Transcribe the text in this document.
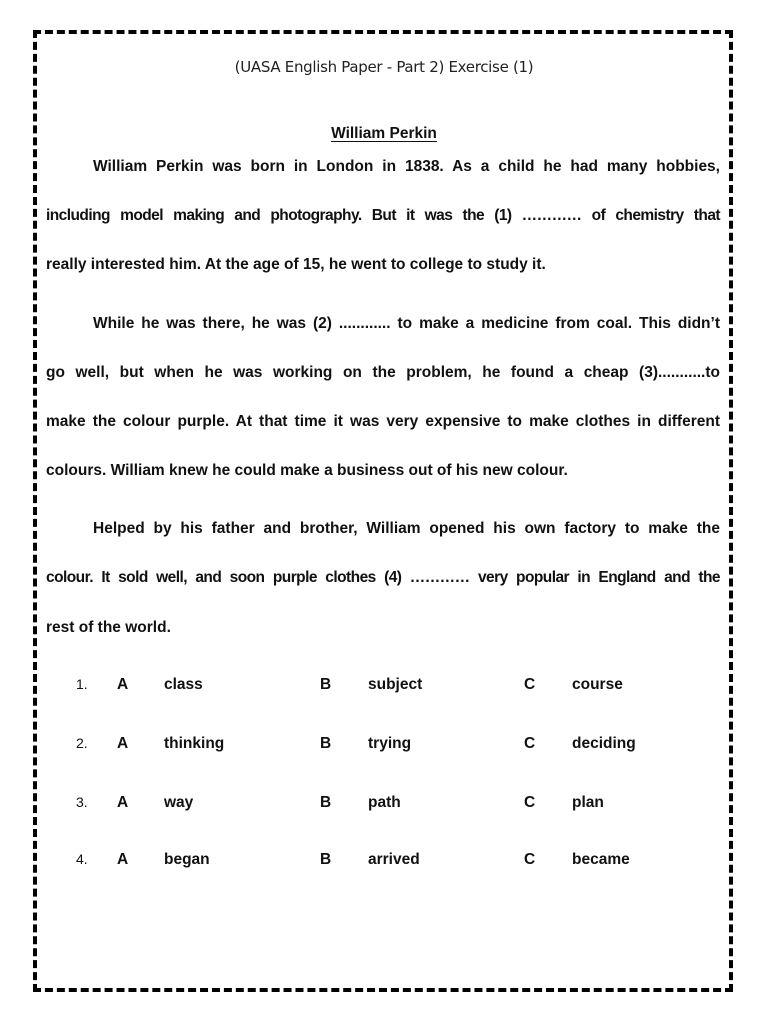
(UASA English Paper - Part 2) Exercise (1)
William Perkin
William Perkin was born in London in 1838. As a child he had many hobbies,
including model making and photography. But it was the (1) ………… of chemistry that
really interested him. At the age of 15, he went to college to study it.
While he was there, he was (2) ............ to make a medicine from coal. This didn’t
go well, but when he was working on the problem, he found a cheap (3)...........to
make the colour purple. At that time it was very expensive to make clothes in different
colours. William knew he could make a business out of his new colour.
Helped by his father and brother, William opened his own factory to make the
colour. It sold well, and soon purple clothes (4) ………… very popular in England and the
rest of the world.
1. A class	B subject	C course
2. A thinking	B trying	C deciding
3. A way	B path	C plan
4. A began	B arrived	C became
